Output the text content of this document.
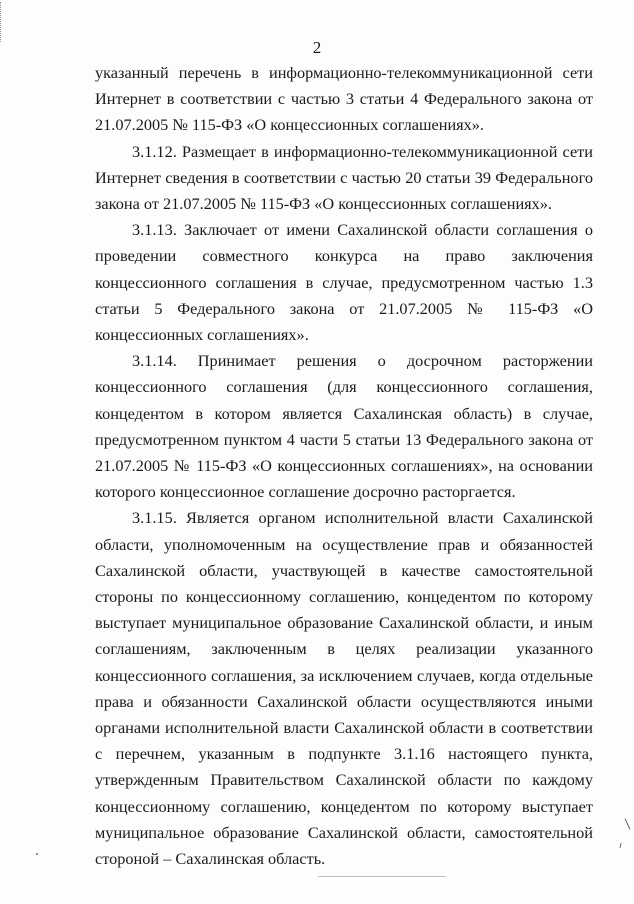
2

указанный перечень в информационно-телекоммуникационной сети Интернет в соответствии с частью 3 статьи 4 Федерального закона от 21.07.2005 № 115-ФЗ «О концессионных соглашениях».

3.1.12. Размещает в информационно-телекоммуникационной сети Интернет сведения в соответствии с частью 20 статьи 39 Федерального закона от 21.07.2005 № 115-ФЗ «О концессионных соглашениях».

3.1.13. Заключает от имени Сахалинской области соглашения о проведении совместного конкурса на право заключения концессионного соглашения в случае, предусмотренном частью 1.3 статьи 5 Федерального закона от 21.07.2005 № 115-ФЗ «О концессионных соглашениях».

3.1.14. Принимает решения о досрочном расторжении концессионного соглашения (для концессионного соглашения, концедентом в котором является Сахалинская область) в случае, предусмотренном пунктом 4 части 5 статьи 13 Федерального закона от 21.07.2005 № 115-ФЗ «О концессионных соглашениях», на основании которого концессионное соглашение досрочно расторгается.

3.1.15. Является органом исполнительной власти Сахалинской области, уполномоченным на осуществление прав и обязанностей Сахалинской области, участвующей в качестве самостоятельной стороны по концессионному соглашению, концедентом по которому выступает муниципальное образование Сахалинской области, и иным соглашениям, заключенным в целях реализации указанного концессионного соглашения, за исключением случаев, когда отдельные права и обязанности Сахалинской области осуществляются иными органами исполнительной власти Сахалинской области в соответствии с перечнем, указанным в подпункте 3.1.16 настоящего пункта, утвержденным Правительством Сахалинской области по каждому концессионному соглашению, концедентом по которому выступает муниципальное образование Сахалинской области, самостоятельной стороной – Сахалинская область.
